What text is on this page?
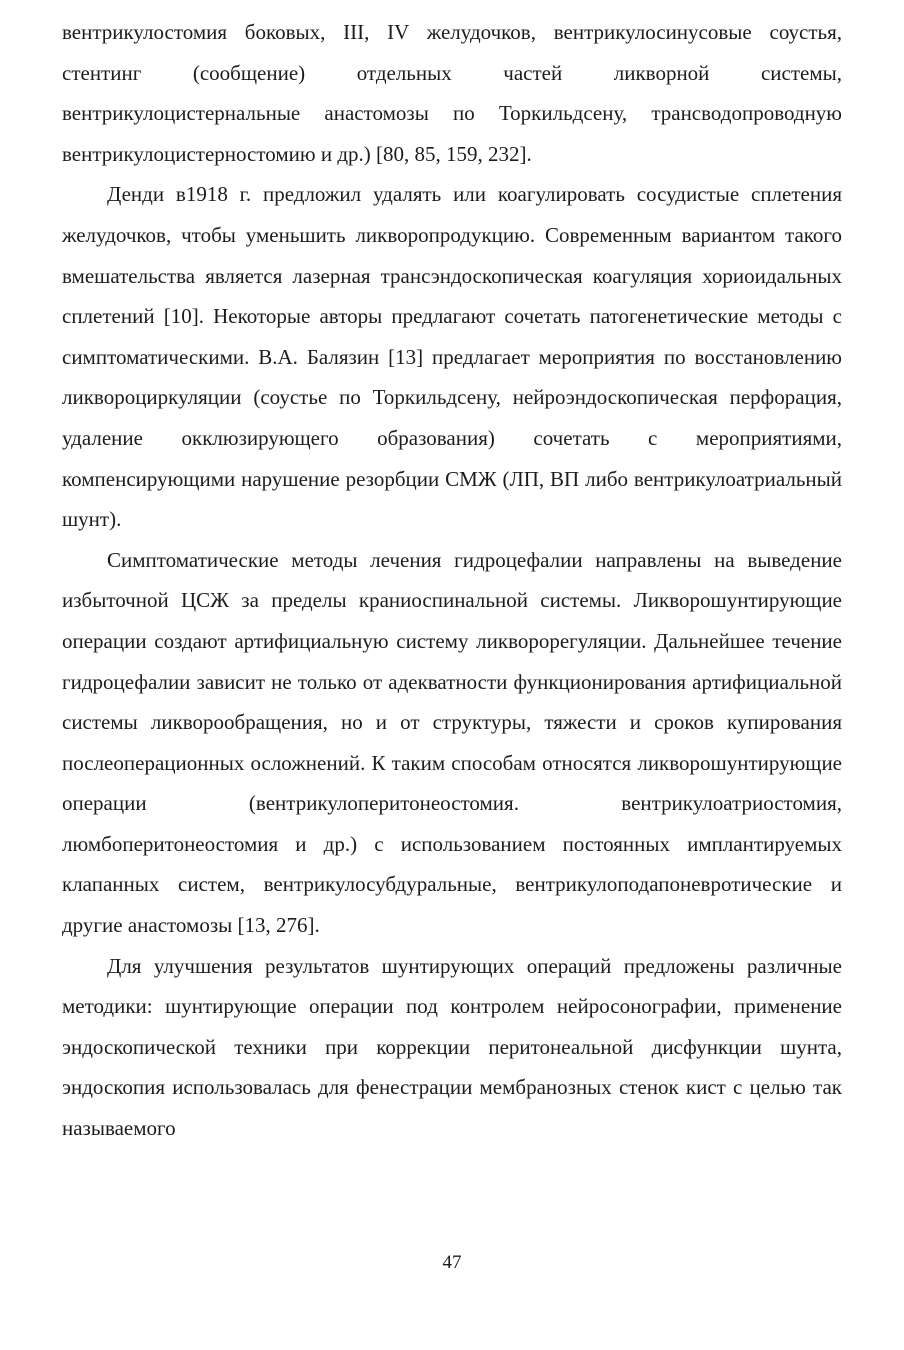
вентрикулостомия боковых, III, IV желудочков, вентрикулосинусовые соустья, стентинг (сообщение) отдельных частей ликворной системы, вентрикулоцистернальные анастомозы по Торкильдсену, трансводопроводную вентрикулоцистерностомию и др.) [80, 85, 159, 232].

Денди в1918 г. предложил удалять или коагулировать сосудистые сплетения желудочков, чтобы уменьшить ликворопродукцию. Современным вариантом такого вмешательства является лазерная трансэндоскопическая коагуляция хориоидальных сплетений [10]. Некоторые авторы предлагают сочетать патогенетические методы с симптоматическими. В.А. Балязин [13] предлагает мероприятия по восстановлению ликвороциркуляции (соустье по Торкильдсену, нейроэндоскопическая перфорация, удаление окклюзирующего образования) сочетать с мероприятиями, компенсирующими нарушение резорбции СМЖ (ЛП, ВП либо вентрикулоатриальный шунт).

Симптоматические методы лечения гидроцефалии направлены на выведение избыточной ЦСЖ за пределы краниоспинальной системы. Ликворошунтирующие операции создают артифициальную систему ликворорегуляции. Дальнейшее течение гидроцефалии зависит не только от адекватности функционирования артифициальной системы ликворообращения, но и от структуры, тяжести и сроков купирования послеоперационных осложнений. К таким способам относятся ликворошунтирующие операции (вентрикулоперитонеостомия. вентрикулоатриостомия, люмбоперитонеостомия и др.) с использованием постоянных имплантируемых клапанных систем, вентрикулосубдуральные, вентрикулоподапоневротические и другие анастомозы [13, 276].

Для улучшения результатов шунтирующих операций предложены различные методики: шунтирующие операции под контролем нейросонографии, применение эндоскопической техники при коррекции перитонеальной дисфункции шунта, эндоскопия использовалась для фенестрации мембранозных стенок кист с целью так называемого

47
